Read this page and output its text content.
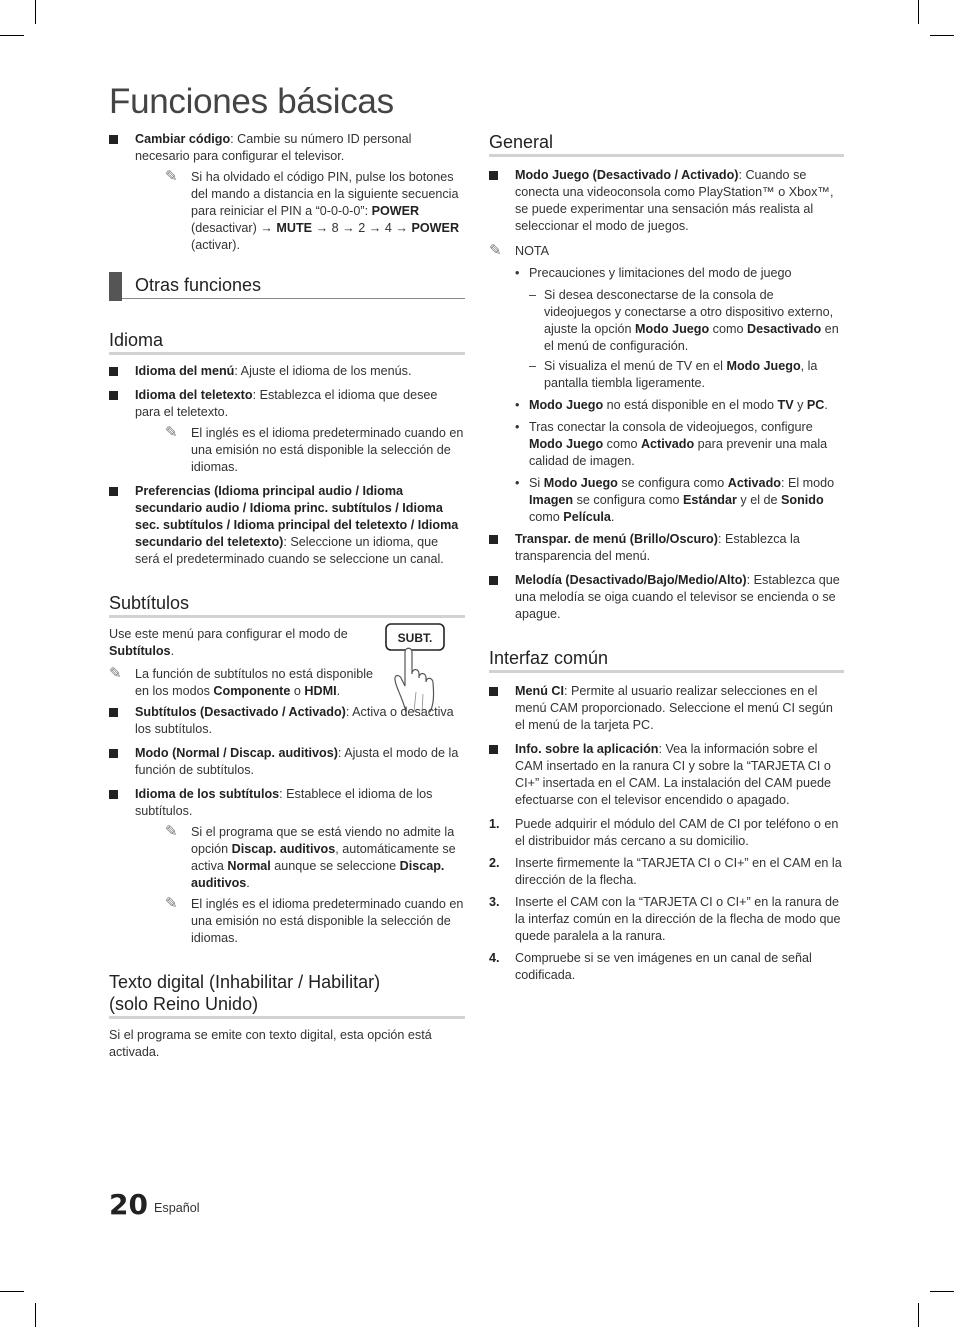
Funciones básicas
Cambiar código: Cambie su número ID personal necesario para configurar el televisor.
✎ Si ha olvidado el código PIN, pulse los botones del mando a distancia en la siguiente secuencia para reiniciar el PIN a “0-0-0-0”: POWER (desactivar) → MUTE → 8 → 2 → 4 → POWER (activar).
Otras funciones
Idioma
Idioma del menú: Ajuste el idioma de los menús.
Idioma del teletexto: Establezca el idioma que desee para el teletexto.
✎ El inglés es el idioma predeterminado cuando en una emisión no está disponible la selección de idiomas.
Preferencias (Idioma principal audio / Idioma secundario audio / Idioma princ. subtítulos / Idioma sec. subtítulos / Idioma principal del teletexto / Idioma secundario del teletexto): Seleccione un idioma, que será el predeterminado cuando se seleccione un canal.
Subtítulos
Use este menú para configurar el modo de Subtítulos.
✎ La función de subtítulos no está disponible en los modos Componente o HDMI.
SUBT.
Subtítulos (Desactivado / Activado): Activa o desactiva los subtítulos.
Modo (Normal / Discap. auditivos): Ajusta el modo de la función de subtítulos.
Idioma de los subtítulos: Establece el idioma de los subtítulos.
✎ Si el programa que se está viendo no admite la opción Discap. auditivos, automáticamente se activa Normal aunque se seleccione Discap. auditivos.
✎ El inglés es el idioma predeterminado cuando en una emisión no está disponible la selección de idiomas.
Texto digital (Inhabilitar / Habilitar) (solo Reino Unido)
Si el programa se emite con texto digital, esta opción está activada.
General
Modo Juego (Desactivado / Activado): Cuando se conecta una videoconsola como PlayStation™ o Xbox™, se puede experimentar una sensación más realista al seleccionar el modo de juegos.
✎ NOTA
• Precauciones y limitaciones del modo de juego
– Si desea desconectarse de la consola de videojuegos y conectarse a otro dispositivo externo, ajuste la opción Modo Juego como Desactivado en el menú de configuración.
– Si visualiza el menú de TV en el Modo Juego, la pantalla tiembla ligeramente.
• Modo Juego no está disponible en el modo TV y PC.
• Tras conectar la consola de videojuegos, configure Modo Juego como Activado para prevenir una mala calidad de imagen.
• Si Modo Juego se configura como Activado: El modo Imagen se configura como Estándar y el de Sonido como Película.
Transpar. de menú (Brillo/Oscuro): Establezca la transparencia del menú.
Melodía (Desactivado/Bajo/Medio/Alto): Establezca que una melodía se oiga cuando el televisor se encienda o se apague.
Interfaz común
Menú CI: Permite al usuario realizar selecciones en el menú CAM proporcionado. Seleccione el menú CI según el menú de la tarjeta PC.
Info. sobre la aplicación: Vea la información sobre el CAM insertado en la ranura CI y sobre la “TARJETA CI o CI+” insertada en el CAM. La instalación del CAM puede efectuarse con el televisor encendido o apagado.
1. Puede adquirir el módulo del CAM de CI por teléfono o en el distribuidor más cercano a su domicilio.
2. Inserte firmemente la “TARJETA CI o CI+” en el CAM en la dirección de la flecha.
3. Inserte el CAM con la “TARJETA CI o CI+” en la ranura de la interfaz común en la dirección de la flecha de modo que quede paralela a la ranura.
4. Compruebe si se ven imágenes en un canal de señal codificada.
20 Español
